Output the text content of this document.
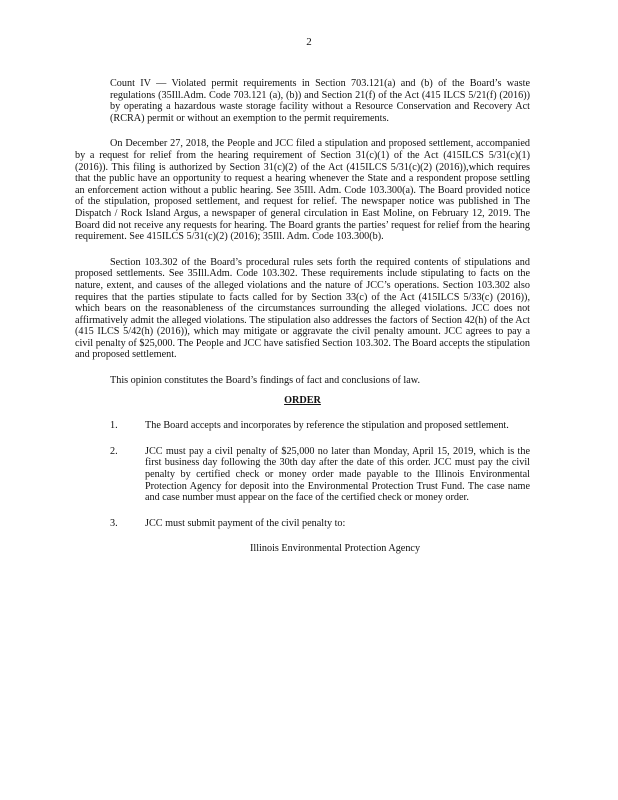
2

Count IV — Violated permit requirements in Section 703.121(a) and (b) of the Board’s waste regulations (35Ill.Adm. Code 703.121 (a), (b)) and Section 21(f) of the Act (415 ILCS 5/21(f) (2016)) by operating a hazardous waste storage facility without a Resource Conservation and Recovery Act (RCRA) permit or without an exemption to the permit requirements.

On December 27, 2018, the People and JCC filed a stipulation and proposed settlement, accompanied by a request for relief from the hearing requirement of Section 31(c)(1) of the Act (415ILCS 5/31(c)(1) (2016)). This filing is authorized by Section 31(c)(2) of the Act (415ILCS 5/31(c)(2) (2016)),which requires that the public have an opportunity to request a hearing whenever the State and a respondent propose settling an enforcement action without a public hearing. See 35Ill. Adm. Code 103.300(a). The Board provided notice of the stipulation, proposed settlement, and request for relief. The newspaper notice was published in The Dispatch / Rock Island Argus, a newspaper of general circulation in East Moline, on February 12, 2019. The Board did not receive any requests for hearing. The Board grants the parties’ request for relief from the hearing requirement. See 415ILCS 5/31(c)(2) (2016); 35Ill. Adm. Code 103.300(b).

Section 103.302 of the Board’s procedural rules sets forth the required contents of stipulations and proposed settlements. See 35Ill.Adm. Code 103.302. These requirements include stipulating to facts on the nature, extent, and causes of the alleged violations and the nature of JCC’s operations. Section 103.302 also requires that the parties stipulate to facts called for by Section 33(c) of the Act (415ILCS 5/33(c) (2016)), which bears on the reasonableness of the circumstances surrounding the alleged violations. JCC does not affirmatively admit the alleged violations. The stipulation also addresses the factors of Section 42(h) of the Act (415 ILCS 5/42(h) (2016)), which may mitigate or aggravate the civil penalty amount. JCC agrees to pay a civil penalty of $25,000. The People and JCC have satisfied Section 103.302. The Board accepts the stipulation and proposed settlement.

This opinion constitutes the Board’s findings of fact and conclusions of law.

ORDER
1.	The Board accepts and incorporates by reference the stipulation and proposed settlement.

2.	JCC must pay a civil penalty of $25,000 no later than Monday, April 15, 2019, which is the first business day following the 30th day after the date of this order. JCC must pay the civil penalty by certified check or money order made payable to the Illinois Environmental Protection Agency for deposit into the Environmental Protection Trust Fund. The case name and case number must appear on the face of the certified check or money order.

3.	JCC must submit payment of the civil penalty to:

Illinois Environmental Protection Agency
